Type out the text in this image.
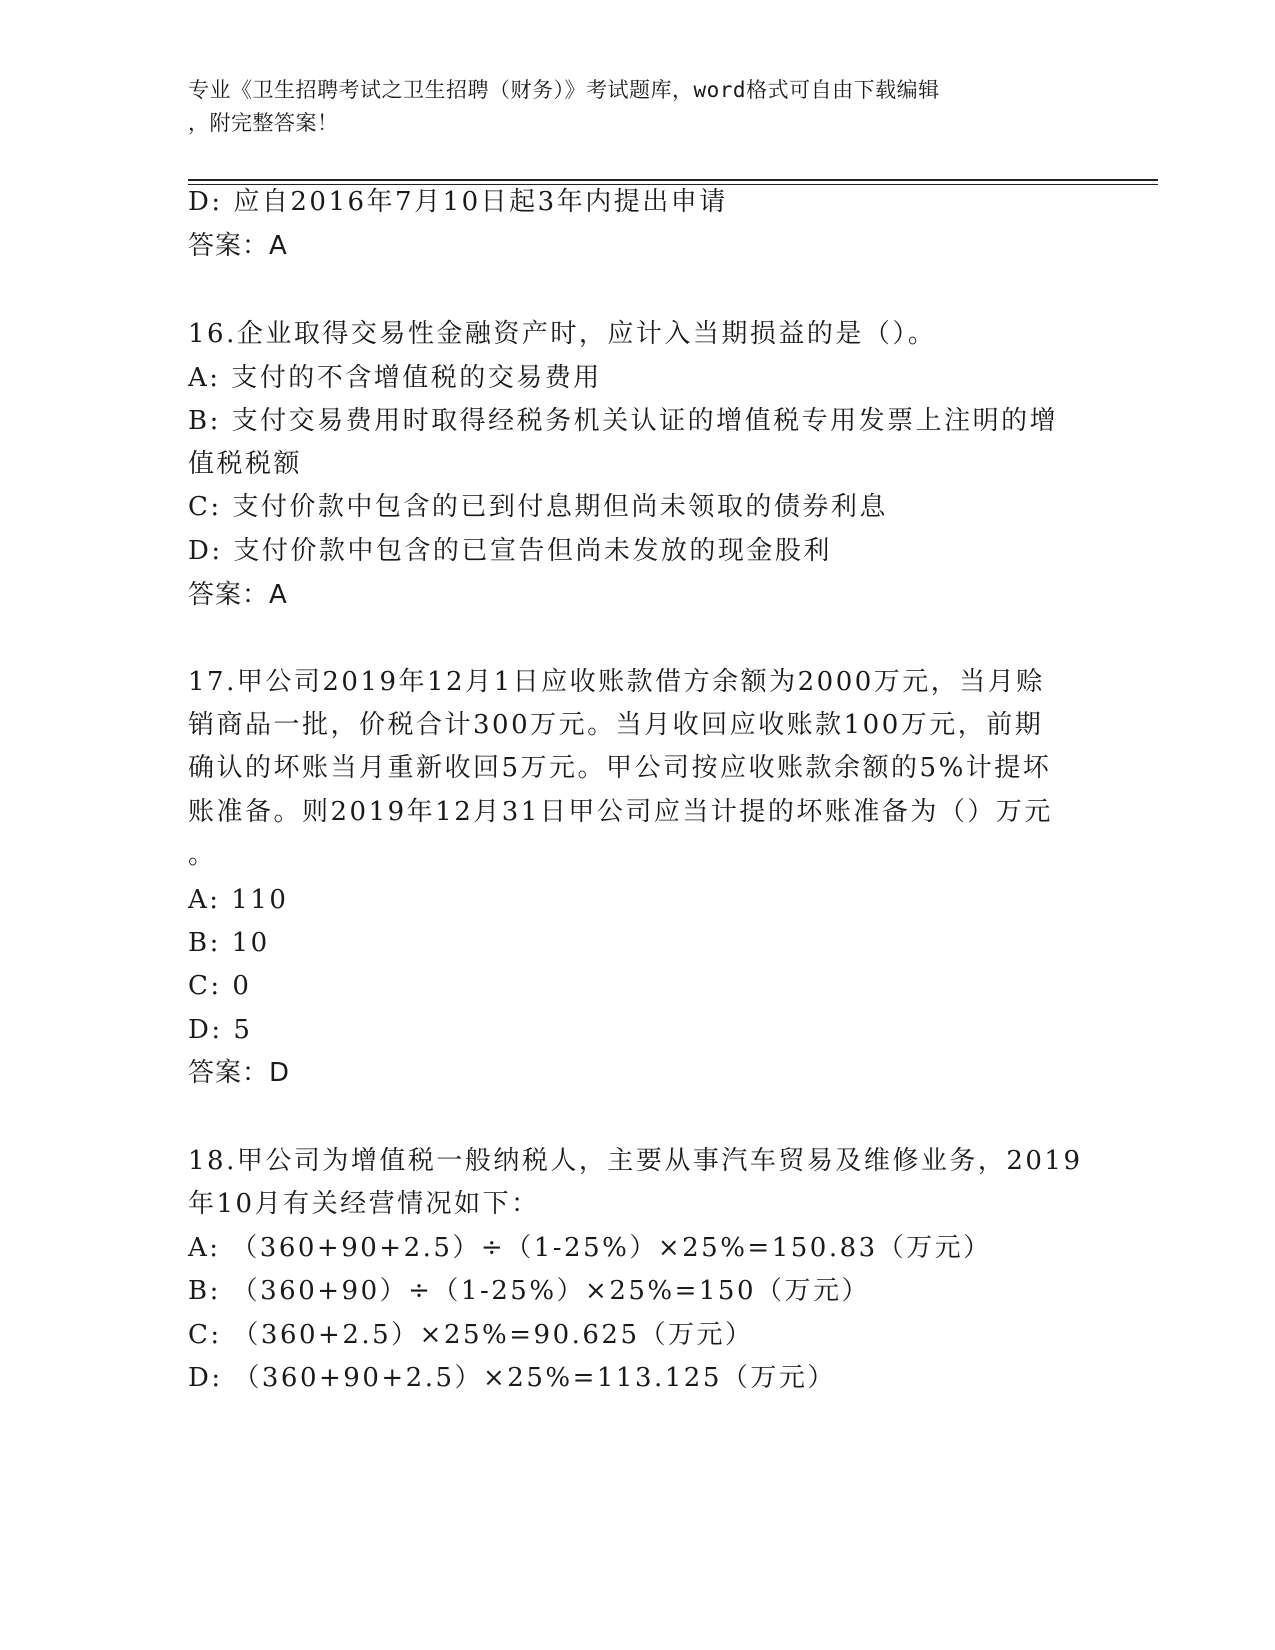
专业《卫生招聘考试之卫生招聘（财务）》考试题库，word格式可自由下载编辑
，附完整答案！
D: 应自2016年7月10日起3年内提出申请
答案：A
16.企业取得交易性金融资产时，应计入当期损益的是（）。
A: 支付的不含增值税的交易费用
B: 支付交易费用时取得经税务机关认证的增值税专用发票上注明的增
值税税额
C: 支付价款中包含的已到付息期但尚未领取的债券利息
D: 支付价款中包含的已宣告但尚未发放的现金股利
答案：A
17.甲公司2019年12月1日应收账款借方余额为2000万元，当月赊
销商品一批，价税合计300万元。当月收回应收账款100万元，前期
确认的坏账当月重新收回5万元。甲公司按应收账款余额的5%计提坏
账准备。则2019年12月31日甲公司应当计提的坏账准备为（）万元
。
A: 110
B: 10
C: 0
D: 5
答案：D
18.甲公司为增值税一般纳税人，主要从事汽车贸易及维修业务，2019
年10月有关经营情况如下：
A: （360+90+2.5）÷（1-25%）×25%=150.83（万元）
B: （360+90）÷（1-25%）×25%=150（万元）
C: （360+2.5）×25%=90.625（万元）
D: （360+90+2.5）×25%=113.125（万元）
